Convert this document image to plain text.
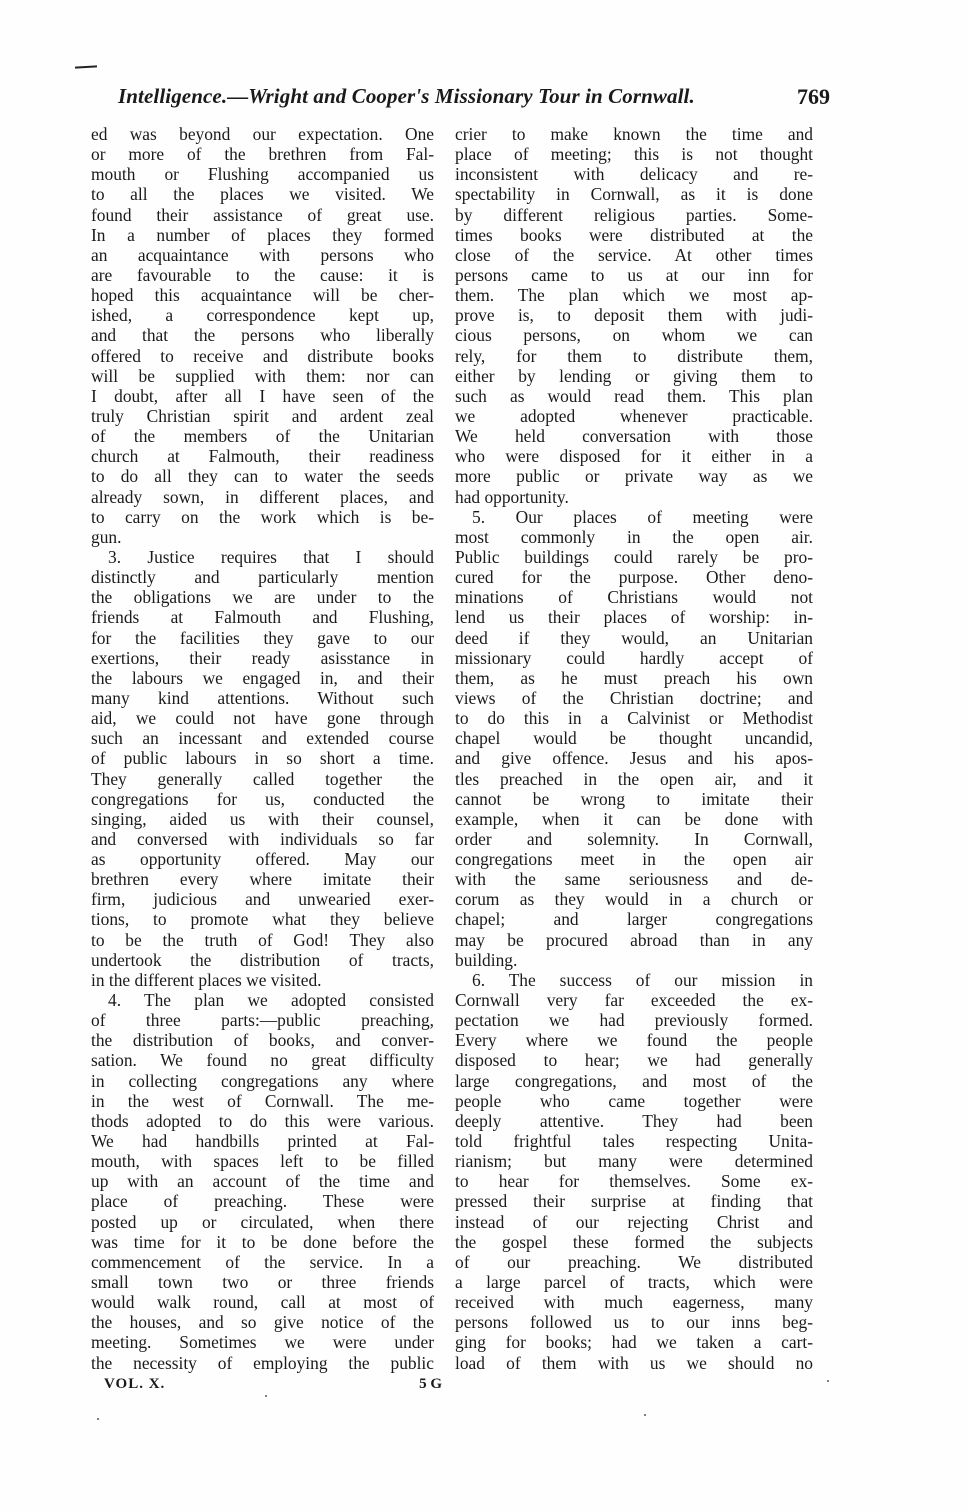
Intelligence.—Wright and Cooper's Missionary Tour in Cornwall.	769
ed was beyond our expectation. One
or more of the brethren from Fal-
mouth or Flushing accompanied us
to all the places we visited. We
found their assistance of great use.
In a number of places they formed
an acquaintance with persons who
are favourable to the cause: it is
hoped this acquaintance will be cher-
ished, a correspondence kept up,
and that the persons who liberally
offered to receive and distribute books
will be supplied with them: nor can
I doubt, after all I have seen of the
truly Christian spirit and ardent zeal
of the members of the Unitarian
church at Falmouth, their readiness
to do all they can to water the seeds
already sown, in different places, and
to carry on the work which is be-
gun.
3. Justice requires that I should
distinctly and particularly mention
the obligations we are under to the
friends at Falmouth and Flushing,
for the facilities they gave to our
exertions, their ready asisstance in
the labours we engaged in, and their
many kind attentions. Without such
aid, we could not have gone through
such an incessant and extended course
of public labours in so short a time.
They generally called together the
congregations for us, conducted the
singing, aided us with their counsel,
and conversed with individuals so far
as opportunity offered. May our
brethren every where imitate their
firm, judicious and unwearied exer-
tions, to promote what they believe
to be the truth of God! They also
undertook the distribution of tracts,
in the different places we visited.
4. The plan we adopted consisted
of three parts:—public preaching,
the distribution of books, and conver-
sation. We found no great difficulty
in collecting congregations any where
in the west of Cornwall. The me-
thods adopted to do this were various.
We had handbills printed at Fal-
mouth, with spaces left to be filled
up with an account of the time and
place of preaching. These were
posted up or circulated, when there
was time for it to be done before the
commencement of the service. In a
small town two or three friends
would walk round, call at most of
the houses, and so give notice of the
meeting. Sometimes we were under
the necessity of employing the public
crier to make known the time and
place of meeting; this is not thought
inconsistent with delicacy and re-
spectability in Cornwall, as it is done
by different religious parties. Some-
times books were distributed at the
close of the service. At other times
persons came to us at our inn for
them. The plan which we most ap-
prove is, to deposit them with judi-
cious persons, on whom we can
rely, for them to distribute them,
either by lending or giving them to
such as would read them. This plan
we adopted whenever practicable.
We held conversation with those
who were disposed for it either in a
more public or private way as we
had opportunity.
5. Our places of meeting were
most commonly in the open air.
Public buildings could rarely be pro-
cured for the purpose. Other deno-
minations of Christians would not
lend us their places of worship: in-
deed if they would, an Unitarian
missionary could hardly accept of
them, as he must preach his own
views of the Christian doctrine; and
to do this in a Calvinist or Methodist
chapel would be thought uncandid,
and give offence. Jesus and his apos-
tles preached in the open air, and it
cannot be wrong to imitate their
example, when it can be done with
order and solemnity. In Cornwall,
congregations meet in the open air
with the same seriousness and de-
corum as they would in a church or
chapel; and larger congregations
may be procured abroad than in any
building.
6. The success of our mission in
Cornwall very far exceeded the ex-
pectation we had previously formed.
Every where we found the people
disposed to hear; we had generally
large congregations, and most of the
people who came together were
deeply attentive. They had been
told frightful tales respecting Unita-
rianism; but many were determined
to hear for themselves. Some ex-
pressed their surprise at finding that
instead of our rejecting Christ and
the gospel these formed the subjects
of our preaching. We distributed
a large parcel of tracts, which were
received with much eagerness, many
persons followed us to our inns beg-
ging for books; had we taken a cart-
load of them with us we should no
VOL. X.	5 G
